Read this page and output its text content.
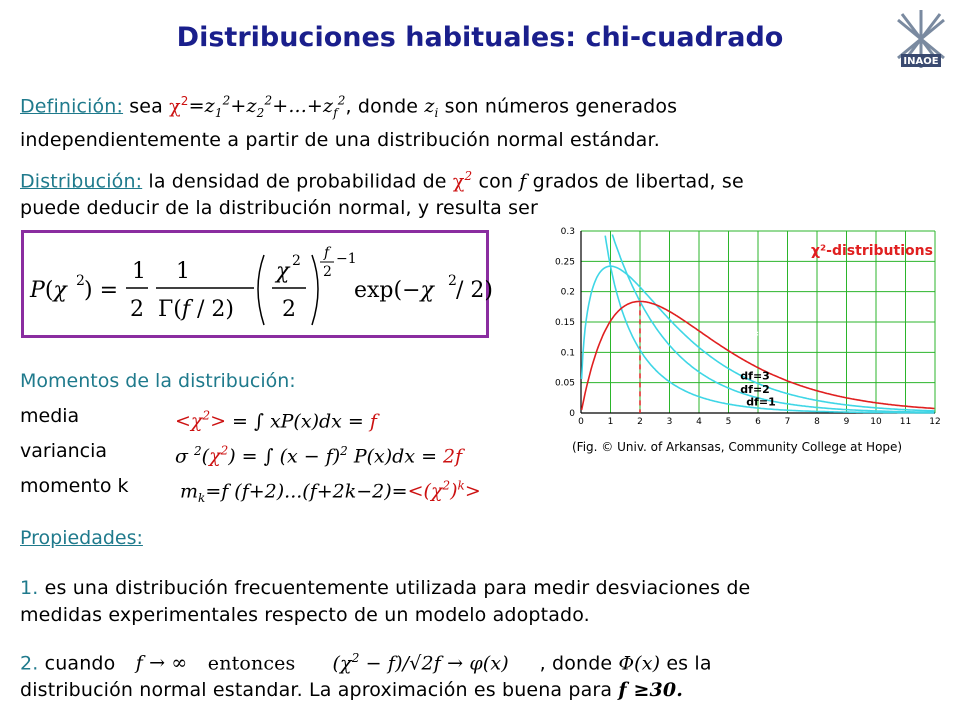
Distribuciones habituales: chi-cuadrado
INAOE
Definición: sea $\chi^2=z_1^2+z_2^2+...+z_f^2$, donde $z_i$ son números generados
independientemente a partir de una distribución normal estándar.
Distribución: la densidad de probabilidad de $\chi^2$ con f grados de libertad, se
puede deducir de la distribución normal, y resulta ser
P(χ 2 ) =
1
2
1
Γ(f / 2)
χ 2
2
f
2
−1
exp(−χ 2 / 2)
0	1	2	3	4	5	6	7	8	9 10 11 12
0
0.05
0.1
0.15
0.2
0.25
0.3
χ²-distributions
df=4
df=3
df=2
df=1
(Fig. © Univ. of Arkansas, Community College at Hope)
Momentos de la distribución:
media	$<\chi^2>$ = ∫ xP(x)dx = f
variancia	σ $^2(\chi^2)$ = ∫ $(x - f)^2$ P(x)dx = 2f
momento k	$m_k=f$ $(f+2)...(f+2k-2)=<(\chi^2)^k>$
Propiedades:
1. es una distribución frecuentemente utilizada para medir desviaciones de
medidas experimentales respecto de un modelo adoptado.
2. cuando f → ∞ entonces $(\chi^2 - f)/√2f \to \varphi(x)$ , donde Φ(x) es la
distribución normal estandar. La aproximación es buena para f ≥30.
